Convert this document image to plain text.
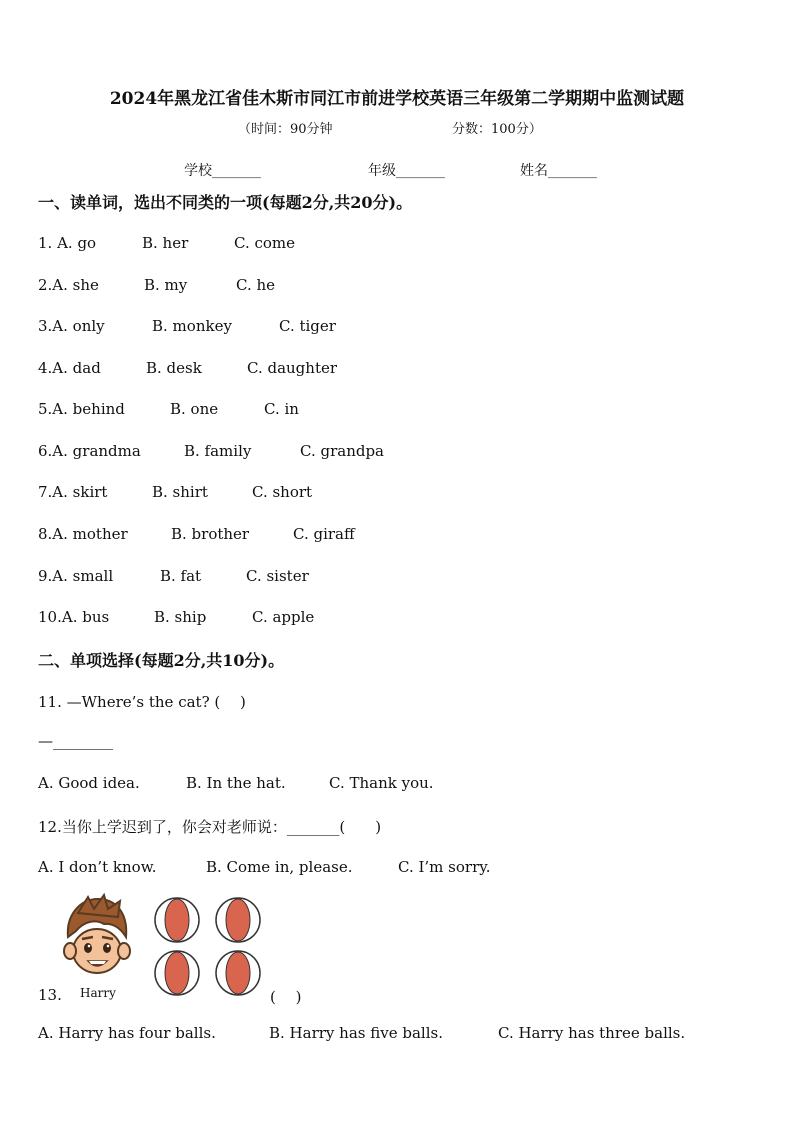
2024年黑龙江省佳木斯市同江市前进学校英语三年级第二学期期中监测试题
（时间：90分钟	分数：100分）
学校_______	年级_______	姓名_______
一、读单词，选出不同类的一项(每题2分,共20分)。
1. A. go	B. her	C. come
2.A. she	B. my	C. he
3.A. only	B. monkey	C. tiger
4.A. dad	B. desk	C. daughter
5.A. behind	B. one	C. in
6.A. grandma	B. family	C. grandpa
7.A. skirt	B. shirt	C. short
8.A. mother	B. brother	C. giraff
9.A. small	B. fat	C. sister
10.A. bus	B. ship	C. apple
二、单项选择(每题2分,共10分)。
11. —Where’s the cat? (　 )
—________
A. Good idea.	B. In the hat.	C. Thank you.
12.当你上学迟到了，你会对老师说：_______(　　)
A. I don’t know.	B. Come in, please.	C. I’m sorry.
Harry
13.	(　 )
A. Harry has four balls.	B. Harry has five balls.	C. Harry has three balls.
